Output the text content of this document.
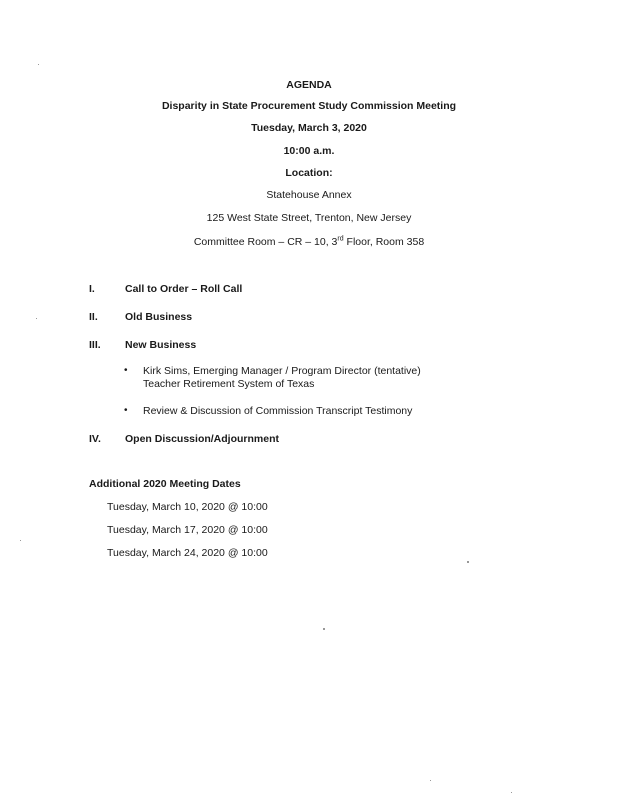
AGENDA
Disparity in State Procurement Study Commission Meeting
Tuesday, March 3, 2020
10:00 a.m.
Location:
Statehouse Annex
125 West State Street, Trenton, New Jersey
Committee Room – CR – 10, 3rd Floor, Room 358
I.	Call to Order – Roll Call
II.	Old Business
III. New Business
• Kirk Sims, Emerging Manager / Program Director (tentative)
Teacher Retirement System of Texas
• Review & Discussion of Commission Transcript Testimony
IV. Open Discussion/Adjournment
Additional 2020 Meeting Dates
Tuesday, March 10, 2020 @ 10:00
Tuesday, March 17, 2020 @ 10:00
Tuesday, March 24, 2020 @ 10:00
